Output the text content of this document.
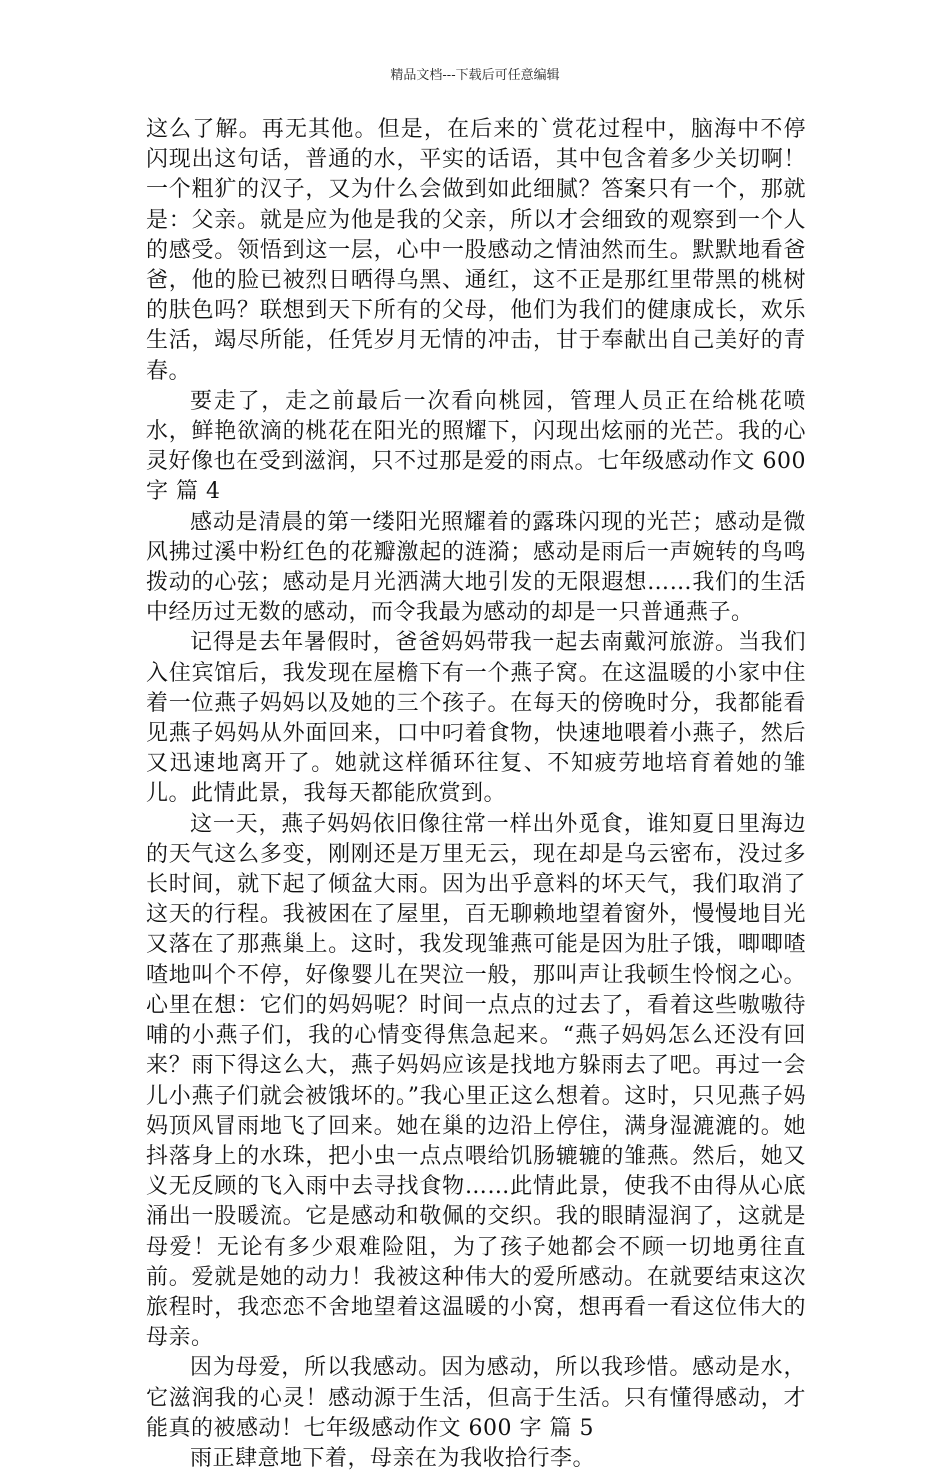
精品文档---下载后可任意编辑

这么了解。再无其他。但是，在后来的`赏花过程中，脑海中不停闪现出这句话，普通的水，平实的话语，其中包含着多少关切啊！一个粗犷的汉子，又为什么会做到如此细腻？答案只有一个，那就是：父亲。就是应为他是我的父亲，所以才会细致的观察到一个人的感受。领悟到这一层，心中一股感动之情油然而生。默默地看爸爸，他的脸已被烈日晒得乌黑、通红，这不正是那红里带黑的桃树的肤色吗？联想到天下所有的父母，他们为我们的健康成长，欢乐生活，竭尽所能，任凭岁月无情的冲击，甘于奉献出自己美好的青春。

要走了，走之前最后一次看向桃园，管理人员正在给桃花喷水，鲜艳欲滴的桃花在阳光的照耀下，闪现出炫丽的光芒。我的心灵好像也在受到滋润，只不过那是爱的雨点。七年级感动作文 600 字 篇 4

感动是清晨的第一缕阳光照耀着的露珠闪现的光芒；感动是微风拂过溪中粉红色的花瓣激起的涟漪；感动是雨后一声婉转的鸟鸣拨动的心弦；感动是月光洒满大地引发的无限遐想……我们的生活中经历过无数的感动，而令我最为感动的却是一只普通燕子。

记得是去年暑假时，爸爸妈妈带我一起去南戴河旅游。当我们入住宾馆后，我发现在屋檐下有一个燕子窝。在这温暖的小家中住着一位燕子妈妈以及她的三个孩子。在每天的傍晚时分，我都能看见燕子妈妈从外面回来，口中叼着食物，快速地喂着小燕子，然后又迅速地离开了。她就这样循环往复、不知疲劳地培育着她的雏儿。此情此景，我每天都能欣赏到。

这一天，燕子妈妈依旧像往常一样出外觅食，谁知夏日里海边的天气这么多变，刚刚还是万里无云，现在却是乌云密布，没过多长时间，就下起了倾盆大雨。因为出乎意料的坏天气，我们取消了这天的行程。我被困在了屋里，百无聊赖地望着窗外，慢慢地目光又落在了那燕巢上。这时，我发现雏燕可能是因为肚子饿，唧唧喳喳地叫个不停，好像婴儿在哭泣一般，那叫声让我顿生怜悯之心。心里在想：它们的妈妈呢？时间一点点的过去了，看着这些嗷嗷待哺的小燕子们，我的心情变得焦急起来。“燕子妈妈怎么还没有回来？雨下得这么大，燕子妈妈应该是找地方躲雨去了吧。再过一会儿小燕子们就会被饿坏的。”我心里正这么想着。这时，只见燕子妈妈顶风冒雨地飞了回来。她在巢的边沿上停住，满身湿漉漉的。她抖落身上的水珠，把小虫一点点喂给饥肠辘辘的雏燕。然后，她又义无反顾的飞入雨中去寻找食物……此情此景，使我不由得从心底涌出一股暖流。它是感动和敬佩的交织。我的眼睛湿润了，这就是母爱！无论有多少艰难险阻，为了孩子她都会不顾一切地勇往直前。爱就是她的动力！我被这种伟大的爱所感动。在就要结束这次旅程时，我恋恋不舍地望着这温暖的小窝，想再看一看这位伟大的母亲。

因为母爱，所以我感动。因为感动，所以我珍惜。感动是水，它滋润我的心灵！感动源于生活，但高于生活。只有懂得感动，才能真的被感动！七年级感动作文 600 字 篇 5

雨正肆意地下着，母亲在为我收拾行李。
